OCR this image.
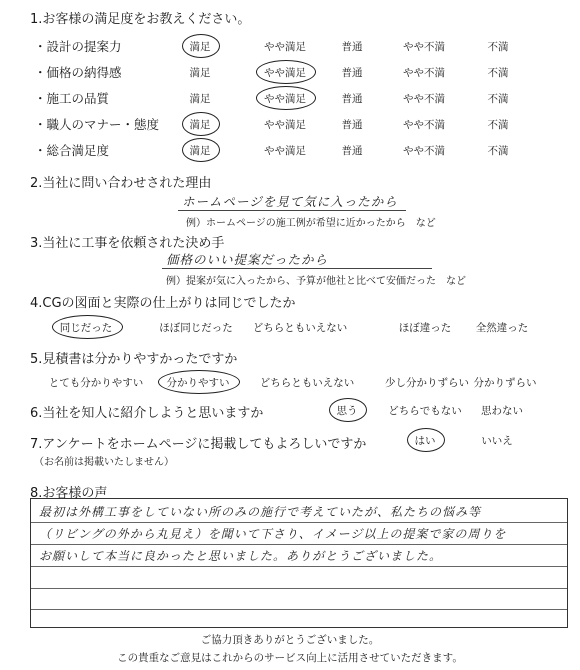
1.お客様の満足度をお教えください。
・設計の提案力	満足	やや満足	普通	やや不満	不満
・価格の納得感	満足	やや満足	普通	やや不満	不満
・施工の品質	満足	やや満足	普通	やや不満	不満
・職人のマナー・態度	満足	やや満足	普通	やや不満	不満
・総合満足度	満足	やや満足	普通	やや不満	不満
2.当社に問い合わせされた理由
ホームページを見て気に入ったから
例）ホームページの施工例が希望に近かったから　など
3.当社に工事を依頼された決め手
価格のいい提案だったから
例）提案が気に入ったから、予算が他社と比べて安価だった　など
4.CGの図面と実際の仕上がりは同じでしたか
同じだった	ほぼ同じだった どちらともいえない	ほぼ違った 全然違った
5.見積書は分かりやすかったですか
とても分かりやすい 分かりやすい	どちらともいえない	少し分かりずらい 分かりずらい
6.当社を知人に紹介しようと思いますか	思う	どちらでもない 思わない
7.アンケートをホームページに掲載してもよろしいですか
（お名前は掲載いたしません）
はい	いいえ
8.お客様の声
最初は外構工事をしていない所のみの施行で考えていたが、私たちの悩み等
（リビングの外から丸見え）を聞いて下さり、イメージ以上の提案で家の周りを
お願いして本当に良かったと思いました。ありがとうございました。
ご協力頂きありがとうございました。
この貴重なご意見はこれからのサービス向上に活用させていただきます。
